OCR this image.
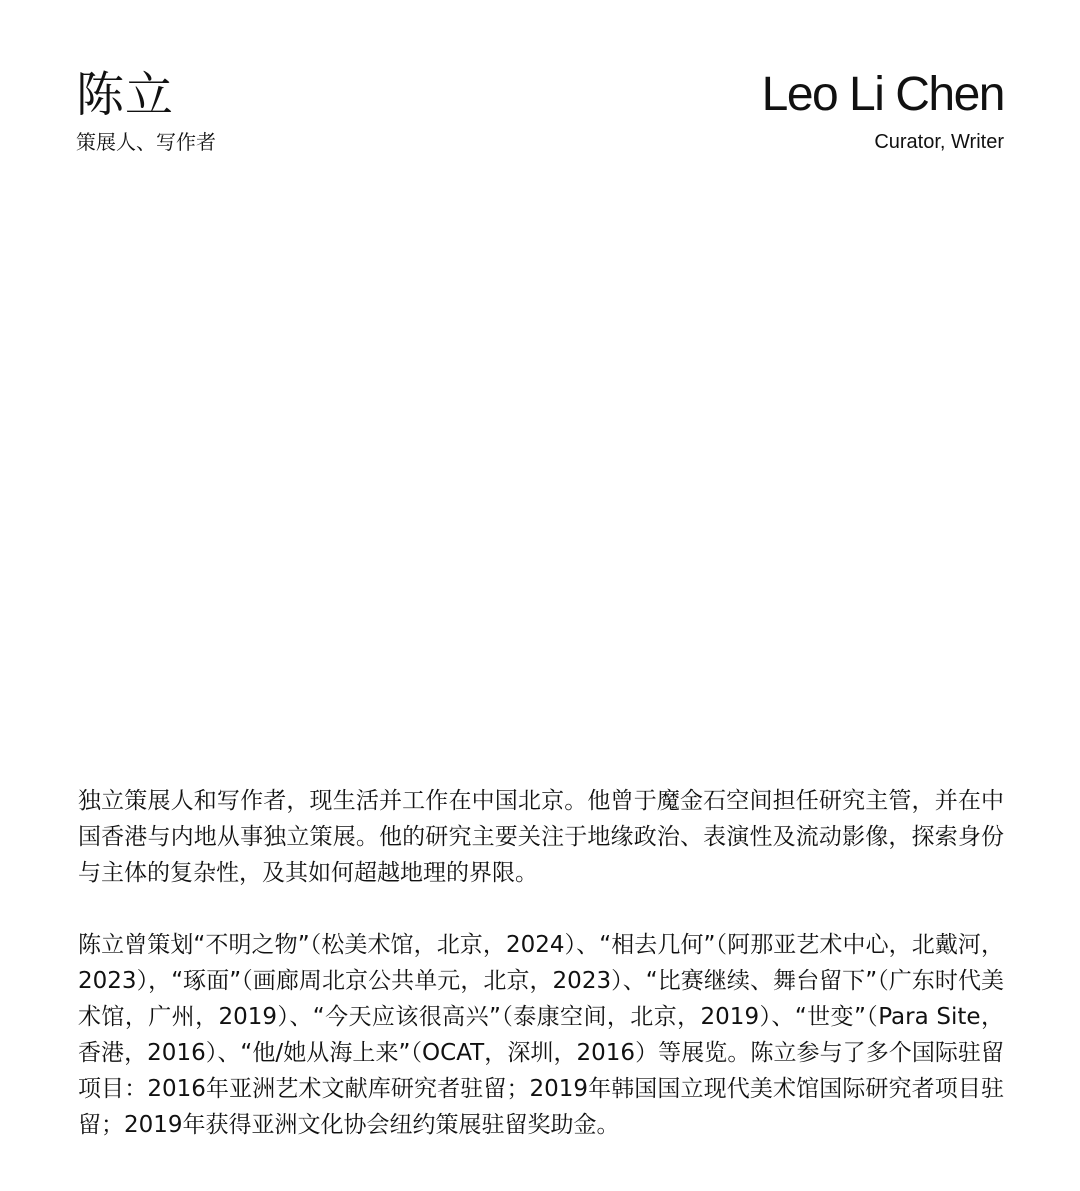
陈立
策展人、写作者
Leo Li Chen
Curator, Writer

独立策展人和写作者，现生活并工作在中国北京。他曾于魔金石空间担任研究主管，并在中国香港与内地从事独立策展。他的研究主要关注于地缘政治、表演性及流动影像，探索身份与主体的复杂性，及其如何超越地理的界限。

陈立曾策划“不明之物”（松美术馆，北京，2024）、“相去几何”（阿那亚艺术中心，北戴河，2023），“琢面”（画廊周北京公共单元，北京，2023）、“比赛继续、舞台留下”（广东时代美术馆，广州，2019）、“今天应该很高兴”（泰康空间，北京，2019）、“世变”（Para Site，香港，2016）、“他/她从海上来”（OCAT，深圳，2016）等展览。陈立参与了多个国际驻留项目：2016年亚洲艺术文献库研究者驻留；2019年韩国国立现代美术馆国际研究者项目驻留；2019年获得亚洲文化协会纽约策展驻留奖助金。
